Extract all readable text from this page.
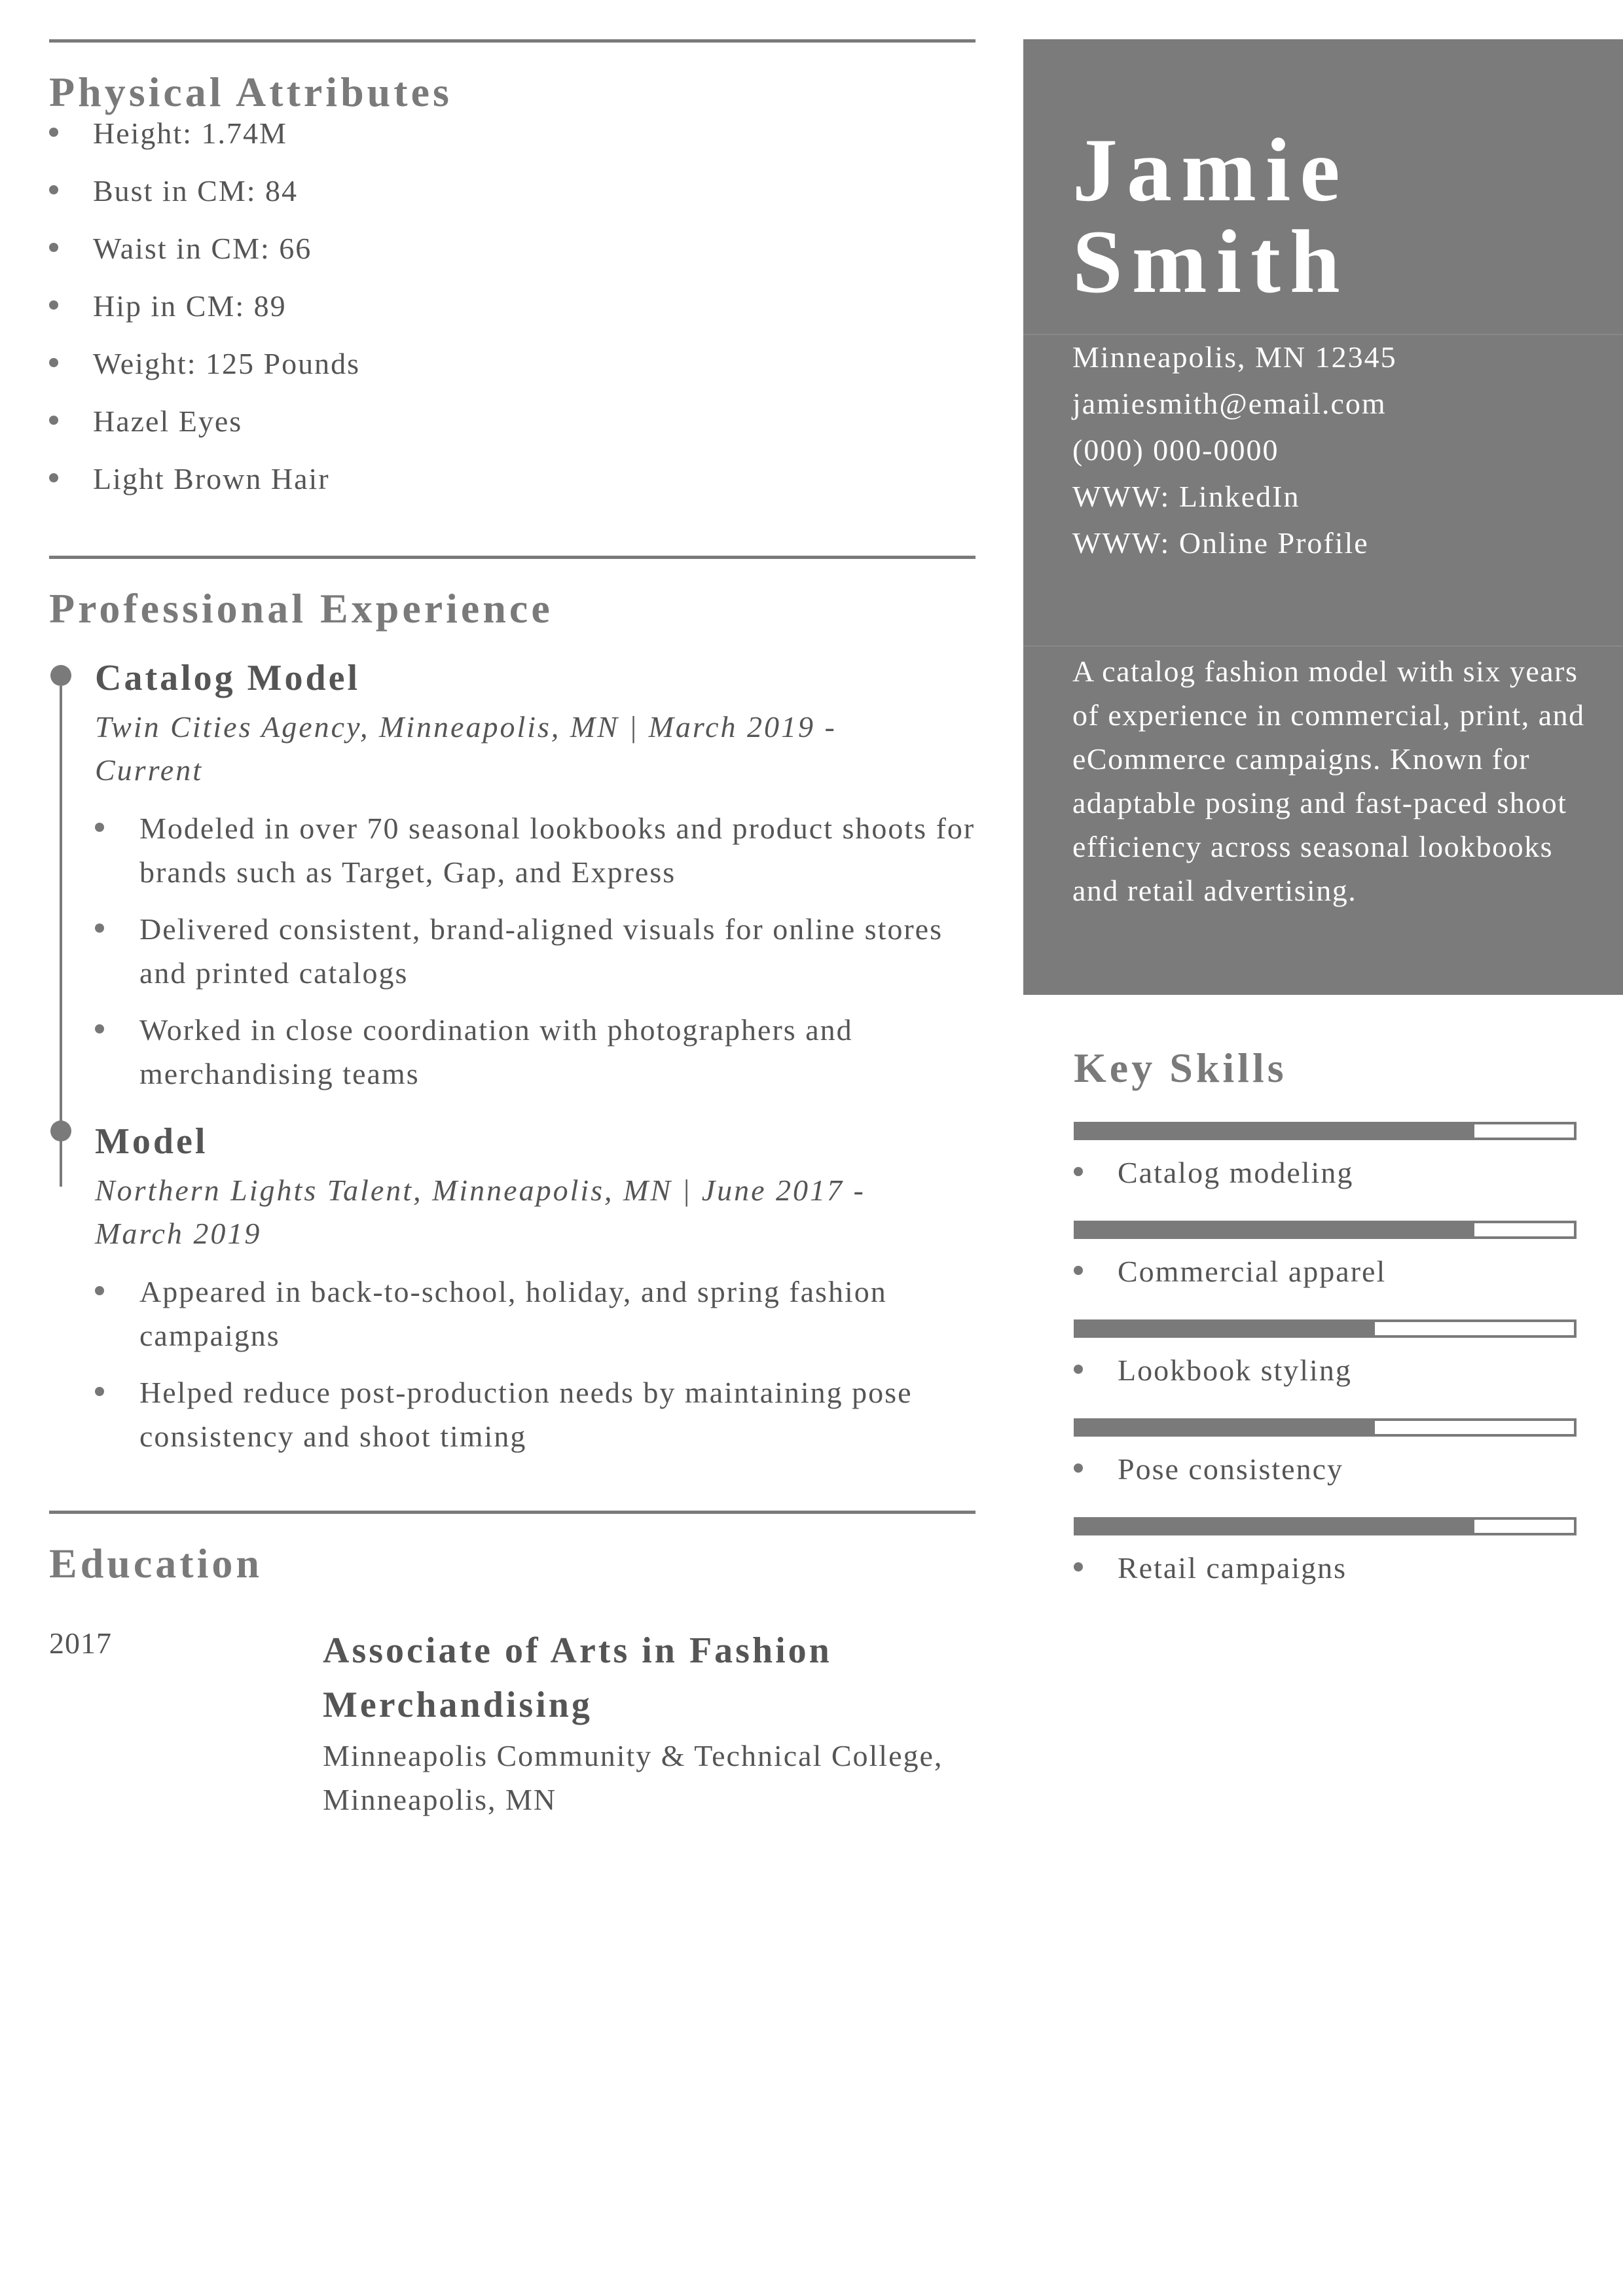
Physical Attributes
Height: 1.74M
Bust in CM: 84
Waist in CM: 66
Hip in CM: 89
Weight: 125 Pounds
Hazel Eyes
Light Brown Hair
Professional Experience
Catalog Model
Twin Cities Agency, Minneapolis, MN | March 2019 -
Current
Modeled in over 70 seasonal lookbooks and product shoots for brands such as Target, Gap, and Express
Delivered consistent, brand-aligned visuals for online stores and printed catalogs
Worked in close coordination with photographers and merchandising teams
Model
Northern Lights Talent, Minneapolis, MN | June 2017 -
March 2019
Appeared in back-to-school, holiday, and spring fashion campaigns
Helped reduce post-production needs by maintaining pose consistency and shoot timing
Education
2017	Associate of Arts in Fashion Merchandising
Minneapolis Community & Technical College, Minneapolis, MN
Jamie
Smith
Minneapolis, MN 12345
jamiesmith@email.com
(000) 000-0000
WWW: LinkedIn
WWW: Online Profile
A catalog fashion model with six years of experience in commercial, print, and eCommerce campaigns. Known for adaptable posing and fast-paced shoot efficiency across seasonal lookbooks and retail advertising.
Key Skills
Catalog modeling
Commercial apparel
Lookbook styling
Pose consistency
Retail campaigns
